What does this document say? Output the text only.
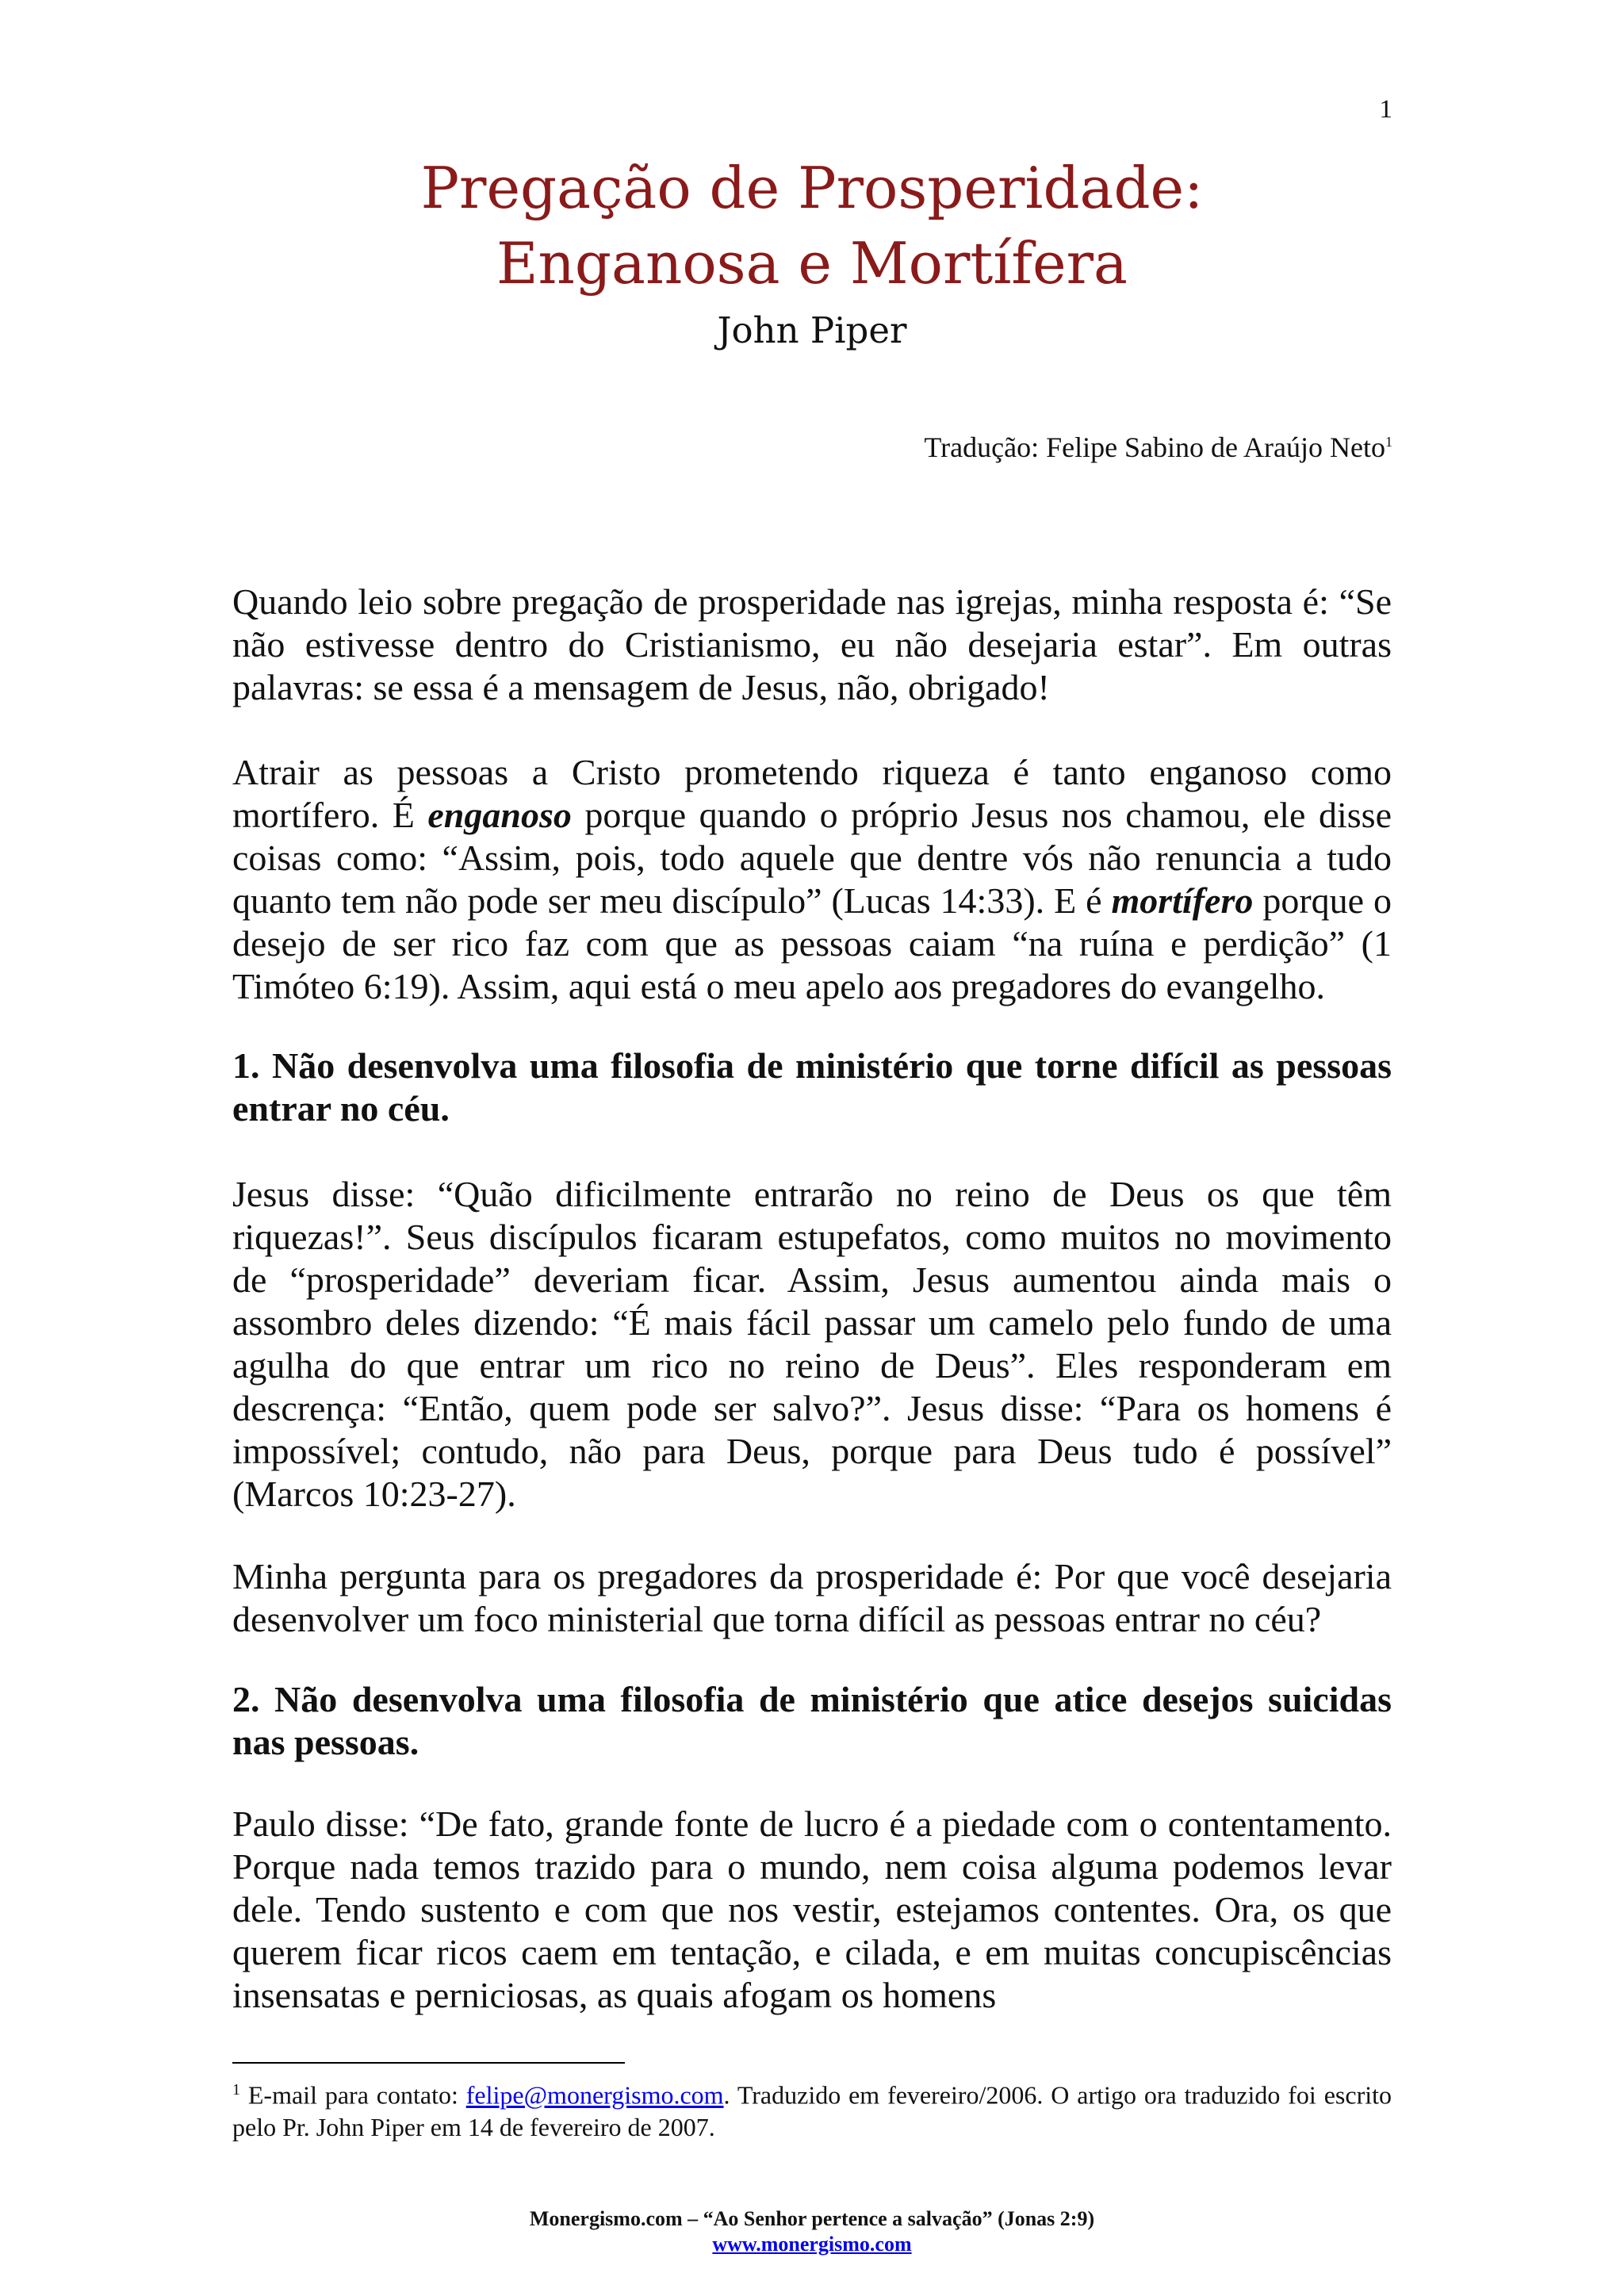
1
Pregação de Prosperidade:
Enganosa e Mortífera
John Piper
Tradução: Felipe Sabino de Araújo Neto$^1$

Quando leio sobre pregação de prosperidade nas igrejas, minha resposta é: “Se não estivesse dentro do Cristianismo, eu não desejaria estar”. Em outras palavras: se essa é a mensagem de Jesus, não, obrigado!

Atrair as pessoas a Cristo prometendo riqueza é tanto enganoso como mortífero. É enganoso porque quando o próprio Jesus nos chamou, ele disse coisas como: “Assim, pois, todo aquele que dentre vós não renuncia a tudo quanto tem não pode ser meu discípulo” (Lucas 14:33). E é mortífero porque o desejo de ser rico faz com que as pessoas caiam “na ruína e perdição” (1 Timóteo 6:19). Assim, aqui está o meu apelo aos pregadores do evangelho.

1. Não desenvolva uma filosofia de ministério que torne difícil as pessoas entrar no céu.

Jesus disse: “Quão dificilmente entrarão no reino de Deus os que têm riquezas!”. Seus discípulos ficaram estupefatos, como muitos no movimento de “prosperidade” deveriam ficar. Assim, Jesus aumentou ainda mais o assombro deles dizendo: “É mais fácil passar um camelo pelo fundo de uma agulha do que entrar um rico no reino de Deus”. Eles responderam em descrença: “Então, quem pode ser salvo?”. Jesus disse: “Para os homens é impossível; contudo, não para Deus, porque para Deus tudo é possível” (Marcos 10:23-27).

Minha pergunta para os pregadores da prosperidade é: Por que você desejaria desenvolver um foco ministerial que torna difícil as pessoas entrar no céu?

2. Não desenvolva uma filosofia de ministério que atice desejos suicidas nas pessoas.

Paulo disse: “De fato, grande fonte de lucro é a piedade com o contentamento. Porque nada temos trazido para o mundo, nem coisa alguma podemos levar dele. Tendo sustento e com que nos vestir, estejamos contentes. Ora, os que querem ficar ricos caem em tentação, e cilada, e em muitas concupiscências insensatas e perniciosas, as quais afogam os homens

$^1$ E-mail para contato: felipe@monergismo.com. Traduzido em fevereiro/2006. O artigo ora traduzido foi escrito pelo Pr. John Piper em 14 de fevereiro de 2007.
Monergismo.com – “Ao Senhor pertence a salvação” (Jonas 2:9)
www.monergismo.com
